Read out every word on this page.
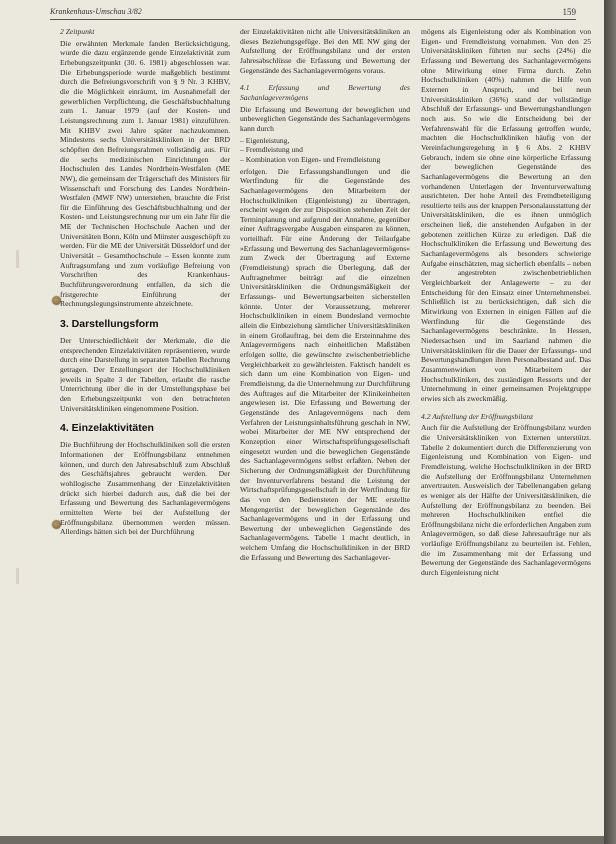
Krankenhaus-Umschau 3/82	159
2 Zeitpunkt

Die erwähnten Merkmale fanden Berücksichtigung, wurde die dazu ergänzende gende Einzelaktivität zum Erhebungszeitpunkt (30. 6. 1981) abgeschlossen war. Die Erhebungsperiode wurde maßgeblich bestimmt durch die Befreiungsvorschrift von § 9 Nr. 3 KHBV, die die Möglichkeit einräumt, im Ausnahmefall der gewerblichen Verpflichtung, die Geschäftsbuchhaltung zum 1. Januar 1979 (auf der Kosten- und Leistungsrechnung zum 1. Januar 1981) einzuführen. Mit KHBV zwei Jahre später nachzukommen. Mindestens sechs Universitätskliniken in der BRD schöpften den Befreiungsrahmen vollständig aus. Für die sechs medizinischen Einrichtungen der Hochschulen des Landes Nordrhein-Westfalen (ME NW), die gemeinsam der Trägerschaft des Ministers für Wissenschaft und Forschung des Landes Nordrhein-Westfalen (MWF NW) unterstehen, brauchte die Frist für die Einführung des Geschäftsbuchhaltung und der Kosten- und Leistungsrechnung nur um ein Jahr für die ME der Technischen Hochschule Aachen und der Universitäten Bonn, Köln und Münster ausgeschöpft zu werden. Für die ME der Universität Düsseldorf und der Universität – Gesamthochschule – Essen konnte zum Auftragsumfang und zum vorläufige Befreiung von Vorschriften des Krankenhaus-Buchführungsverordnung entfallen, da sich die fristgerechte Einführung der Rechnungslegungsinstrumente abzeichnete.

3. Darstellungsform

Der Unterschiedlichkeit der Merkmale, die die entsprechenden Einzelaktivitäten repräsentieren, wurde durch eine Darstellung in separaten Tabellen Rechnung getragen. Der Erstellungsort der Hochschulkliniken jeweils in Spalte 3 der Tabellen, erlaubt die rasche Unterrichtung über die in der Umstellungsphase bei den Erhebungszeitpunkt von den betrachteten Universitätskliniken eingenommene Position.

4. Einzelaktivitäten

Die Buchführung der Hochschulkliniken soll die ersten Informationen der Eröffnungsbilanz entnehmen können, und durch den Jahresabschluß zum Abschluß des Geschäftsjahres gebraucht werden. Der wohllogische Zusammenhang der Einzelaktivitäten drückt sich hierbei dadurch aus, daß die bei der Erfassung und Bewertung des Sachanlagevermögens ermittelten Werte bei der Aufstellung der Eröffnungsbilanz übernommen werden müssen. Allerdings hätten sich bei der Durchführung

der Einzelaktivitäten nicht alle Universitätskliniken an dieses Beziehungsgefüge. Bei den ME NW ging der Aufstellung der Eröffnungsbilanz und der ersten Jahresabschlüsse die Erfassung und Bewertung der Gegenstände des Sachanlagevermögens voraus.

4.1 Erfassung und Bewertung des Sachanlagevermögens

Die Erfassung und Bewertung der beweglichen und unbeweglichen Gegenstände des Sachanlagevermögens kann durch

– Eigenleistung,
– Fremdleistung und
– Kombination von Eigen- und Fremdleistung

erfolgen. Die Erfassungshandlungen und die Wertfindung für die Gegenstände des Sachanlagevermögens den Mitarbeitern der Hochschulkliniken (Eigenleistung) zu übertragen, erscheint wegen der zur Disposition stehenden Zeit der Terminplanung und aufgrund der Annahme, gegenüber einer Auftragsvergabe Ausgaben einsparen zu können, vorteilhaft. Für eine Änderung der Teilaufgabe »Erfassung und Bewertung des Sachanlagevermögens« zum Zweck der Übertragung auf Externe (Fremdleistung) sprach die Überlegung, daß der Auftragnehmer beiträgt auf die einzelnen Universitätskliniken die Ordnungsmäßigkeit der Erfassungs- und Bewertungsarbeiten sicherstellen könnte. Unter der Voraussetzung, mehrerer Hochschulkliniken in einem Bundesland vermochte allein die Einbeziehung sämtlicher Universitätskliniken in einem Großauftrag, bei dem die Ersteinnahme des Anlagevermögens nach einheitlichen Maßstäben erfolgen sollte, die gewünschte zwischenbetriebliche Vergleichbarkeit zu gewährleisten. Faktisch handelt es sich dann um eine Kombination von Eigen- und Fremdleistung, da die Unternehmung zur Durchführung des Auftrages auf die Mitarbeiter der Klinikeinheiten angewiesen ist. Die Erfassung und Bewertung der Gegenstände des Anlagevermögens nach dem Verfahren der Leistungsinhaltsführung geschah in NW, wobei Mitarbeiter der ME NW entsprechend der Konzeption einer Wirtschaftsprüfungsgesellschaft eingesetzt wurden und die beweglichen Gegenstände des Sachanlagevermögens selbst erfaßten. Neben der Sicherung der Ordnungsmäßigkeit der Durchführung der Inventurverfahrens bestand die Leistung der Wirtschaftsprüfungsgesellschaft in der Wertfindung für das von den Bediensteten der ME erstellte Mengengerüst der beweglichen Gegenstände des Sachanlagevermögens und in der Erfassung und Bewertung der unbeweglichen Gegenstände des Sachanlagevermögens. Tabelle 1 macht deutlich, in welchem Umfang die Hochschulkliniken in der BRD die Erfassung und Bewertung des Sachanlagever-

mögens als Eigenleistung oder als Kombination von Eigen- und Fremdleistung vornahmen. Von den 25 Universitätskliniken führten nur sechs (24%) die Erfassung und Bewertung des Sachanlagevermögens ohne Mitwirkung einer Firma durch. Zehn Hochschulkliniken (40%) nahmen die Hilfe von Externen in Anspruch, und bei neun Universitätskliniken (36%) stand der vollständige Abschluß der Erfassungs- und Bewertungshandlungen noch aus. So wie die Entscheidung bei der Verfahrenswahl für die Erfassung getroffen wurde, machten die Hochschulkliniken häufig von der Vereinfachungsregelung in § 6 Abs. 2 KHBV Gebrauch, indem sie ohne eine körperliche Erfassung der beweglichen Gegenstände des Sachanlagevermögens die Bewertung an den vorhandenen Unterlagen der Inventurverwaltung ausrichteten. Der hohe Anteil des Fremdbeteiligung resultierte teils aus der knappen Personalausstattung der Universitätskliniken, die es ihnen unmöglich erscheinen ließ, die anstehenden Aufgaben in der gebotenen zeitlichen Kürze zu erledigen. Daß die Hochschulkliniken die Erfassung und Bewertung des Sachanlagevermögens als besonders schwierige Aufgabe einschätzten, mag sicherlich ebenfalls – neben der angestrebten zwischenbetrieblichen Vergleichbarkeit der Anlagewerte – zu der Entscheidung für den Einsatz einer Unternehmensbei. Schließlich ist zu berücksichtigen, daß sich die Mitwirkung von Externen in einigen Fällen auf die Wertfindung für die Gegenstände des Sachanlagevermögens beschränkte. In Hessen, Niedersachsen und im Saarland nahmen die Universitätskliniken für die Dauer der Erfassungs- und Bewertungshandlungen ihren Personalbestand auf. Das Zusammenwirken von Mitarbeitern der Hochschulkliniken, des zuständigen Ressorts und der Unternehmung in einer gemeinsamen Projektgruppe erwies sich als zweckmäßig.

4.2 Aufstellung der Eröffnungsbilanz

Auch für die Aufstellung der Eröffnungsbilanz wurden die Universitätskliniken von Externen unterstützt. Tabelle 2 dokumentiert durch die Differenzierung von Eigenleistung und Kombination von Eigen- und Fremdleistung, welche Hochschulkliniken in der BRD die Aufstellung der Eröffnungsbilanz Unternehmen anvertrauten. Ausweislich der Tabellenangaben gelang es weniger als der Hälfte der Universitätskliniken, die Aufstellung der Eröffnungsbilanz zu beenden. Bei mehreren Hochschulkliniken entfiel die Eröffnungsbilanz nicht die erforderlichen Angaben zum Anlagevermögen, so daß diese Jahresaufträge nur als vorläufige Eröffnungsbilanz zu beurteilen ist. Fehlen, die im Zusammenhang mit der Erfassung und Bewertung der Gegenstände des Sachanlagevermögens durch Eigenleistung nicht
